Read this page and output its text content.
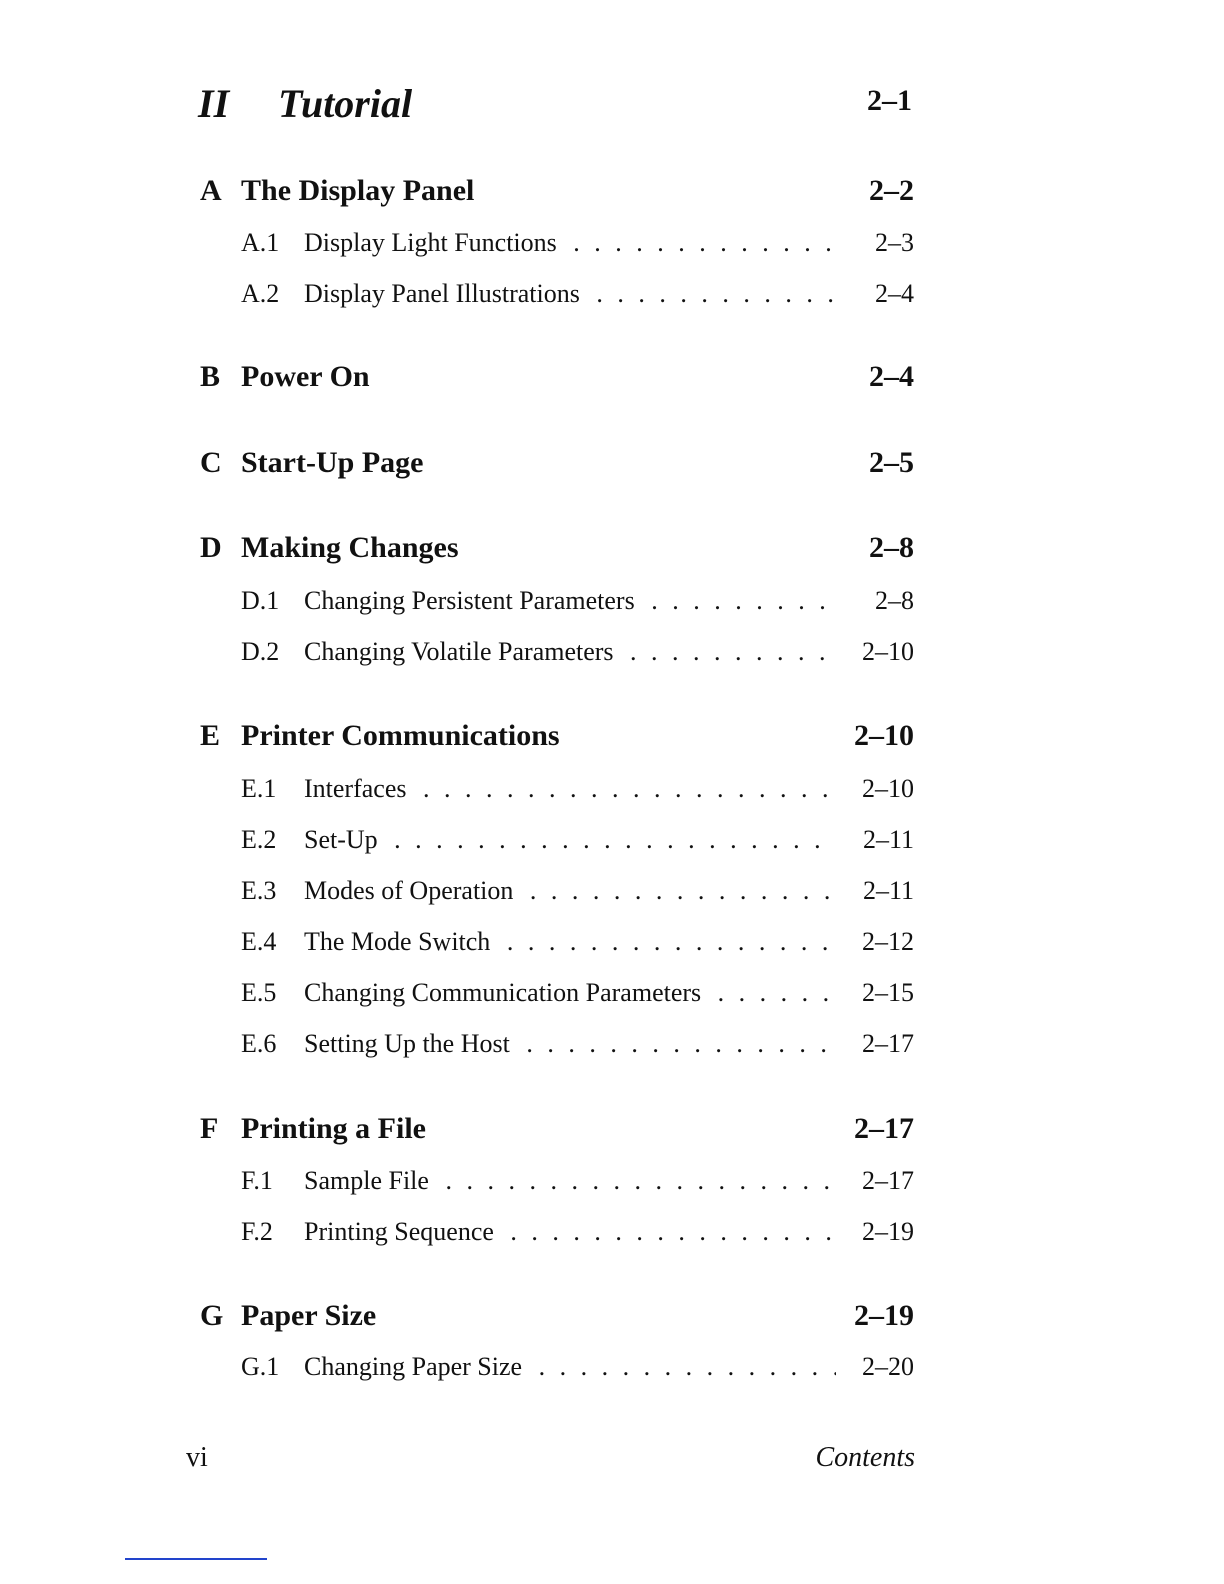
II Tutorial	2–1
A The Display Panel	2–2
A.1 Display Light Functions . . .	2–3
A.2 Display Panel Illustrations . . .	2–4
B Power On	2–4
C Start-Up Page	2–5
D Making Changes	2–8
D.1 Changing Persistent Parameters . . .	2–8
D.2 Changing Volatile Parameters . . .	2–10
E Printer Communications	2–10
E.1 Interfaces . . .	2–10
E.2 Set-Up . . .	2–11
E.3 Modes of Operation . . .	2–11
E.4 The Mode Switch . . .	2–12
E.5 Changing Communication Parameters . . .	2–15
E.6 Setting Up the Host . . .	2–17
F Printing a File	2–17
F.1 Sample File . . .	2–17
F.2 Printing Sequence . . .	2–19
G Paper Size	2–19
G.1 Changing Paper Size . . .	2–20
vi	Contents
